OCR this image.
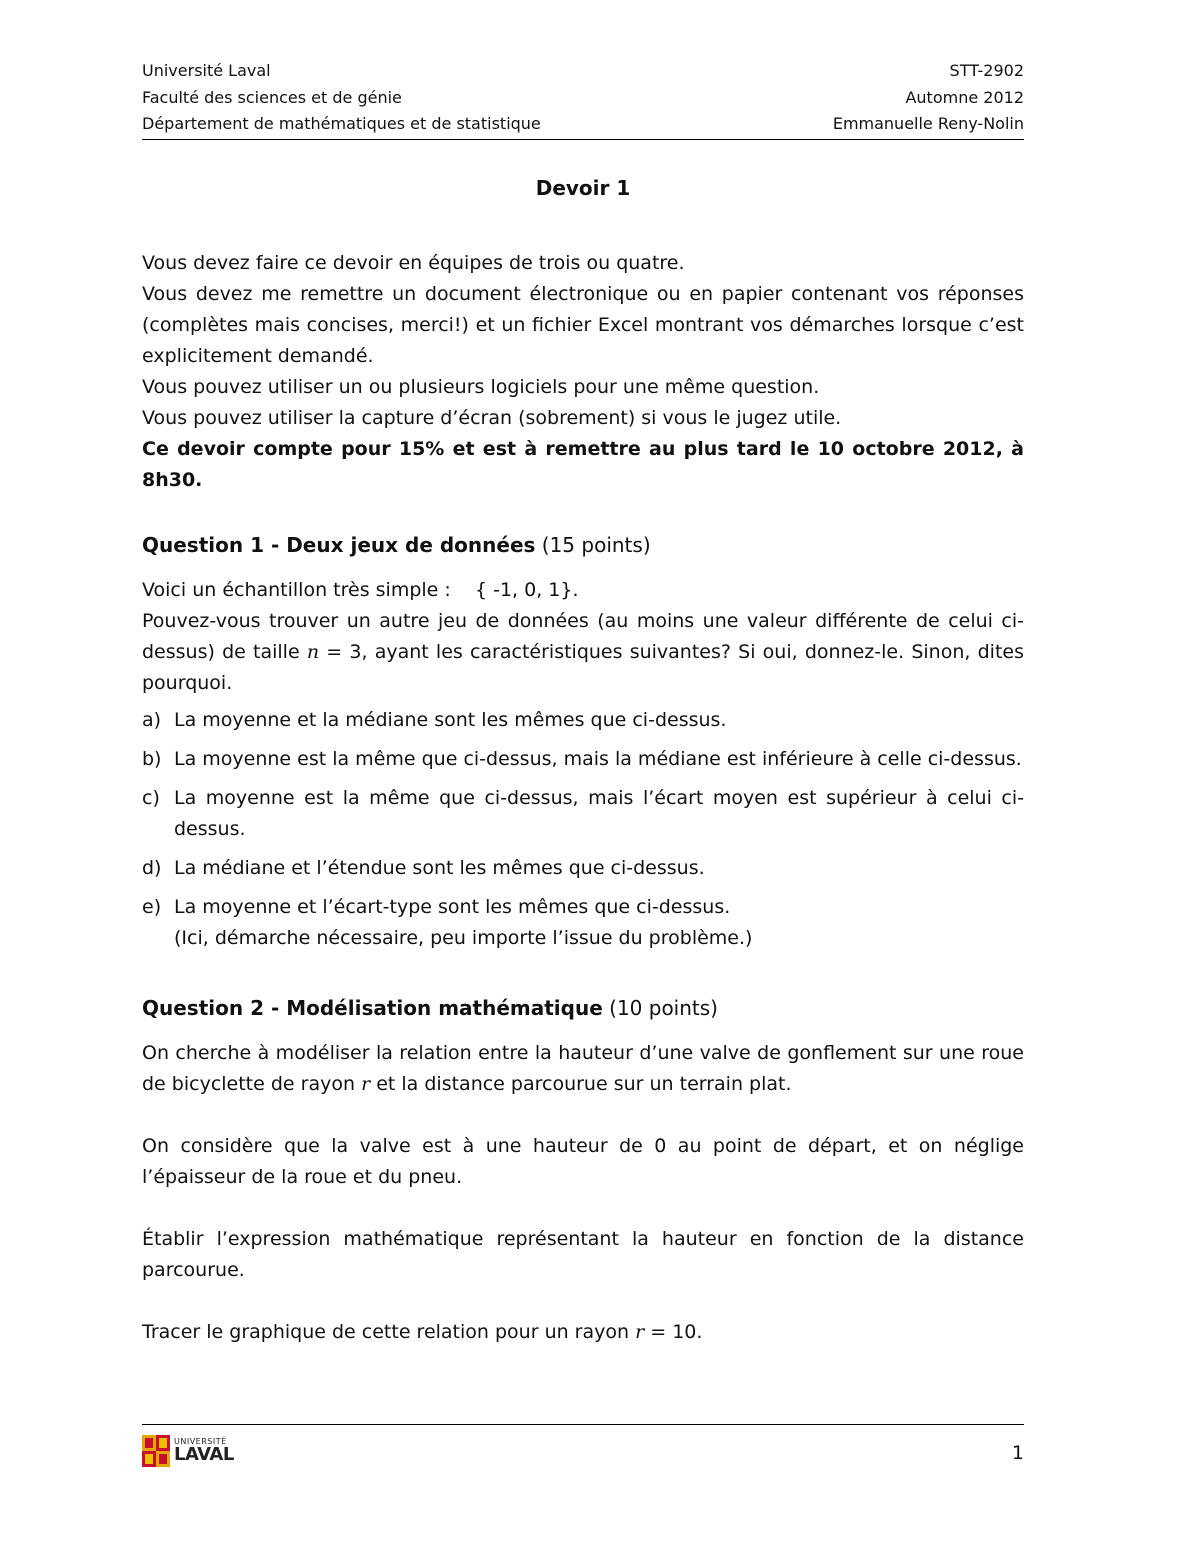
Université Laval
Faculté des sciences et de génie
Département de mathématiques et de statistique
STT-2902
Automne 2012
Emmanuelle Reny-Nolin
Devoir 1

Vous devez faire ce devoir en équipes de trois ou quatre.

Vous devez me remettre un document électronique ou en papier contenant vos réponses (complètes mais concises, merci!) et un fichier Excel montrant vos démarches lorsque c’est explicitement demandé.

Vous pouvez utiliser un ou plusieurs logiciels pour une même question.

Vous pouvez utiliser la capture d’écran (sobrement) si vous le jugez utile.

Ce devoir compte pour 15% et est à remettre au plus tard le 10 octobre 2012, à 8h30.

Question 1 - Deux jeux de données (15 points)

Voici un échantillon très simple : { -1, 0, 1}.

Pouvez-vous trouver un autre jeu de données (au moins une valeur différente de celui ci-dessus) de taille n = 3, ayant les caractéristiques suivantes? Si oui, donnez-le. Sinon, dites pourquoi.

a) La moyenne et la médiane sont les mêmes que ci-dessus.
b) La moyenne est la même que ci-dessus, mais la médiane est inférieure à celle ci-dessus.
c) La moyenne est la même que ci-dessus, mais l’écart moyen est supérieur à celui ci-dessus.
d) La médiane et l’étendue sont les mêmes que ci-dessus.
e) La moyenne et l’écart-type sont les mêmes que ci-dessus.
(Ici, démarche nécessaire, peu importe l’issue du problème.)
Question 2 - Modélisation mathématique (10 points)

On cherche à modéliser la relation entre la hauteur d’une valve de gonflement sur une roue de bicyclette de rayon r et la distance parcourue sur un terrain plat.

On considère que la valve est à une hauteur de 0 au point de départ, et on néglige l’épaisseur de la roue et du pneu.

Établir l’expression mathématique représentant la hauteur en fonction de la distance parcourue.

Tracer le graphique de cette relation pour un rayon r = 10.

UNIVERSITÉ
LAVAL	1
